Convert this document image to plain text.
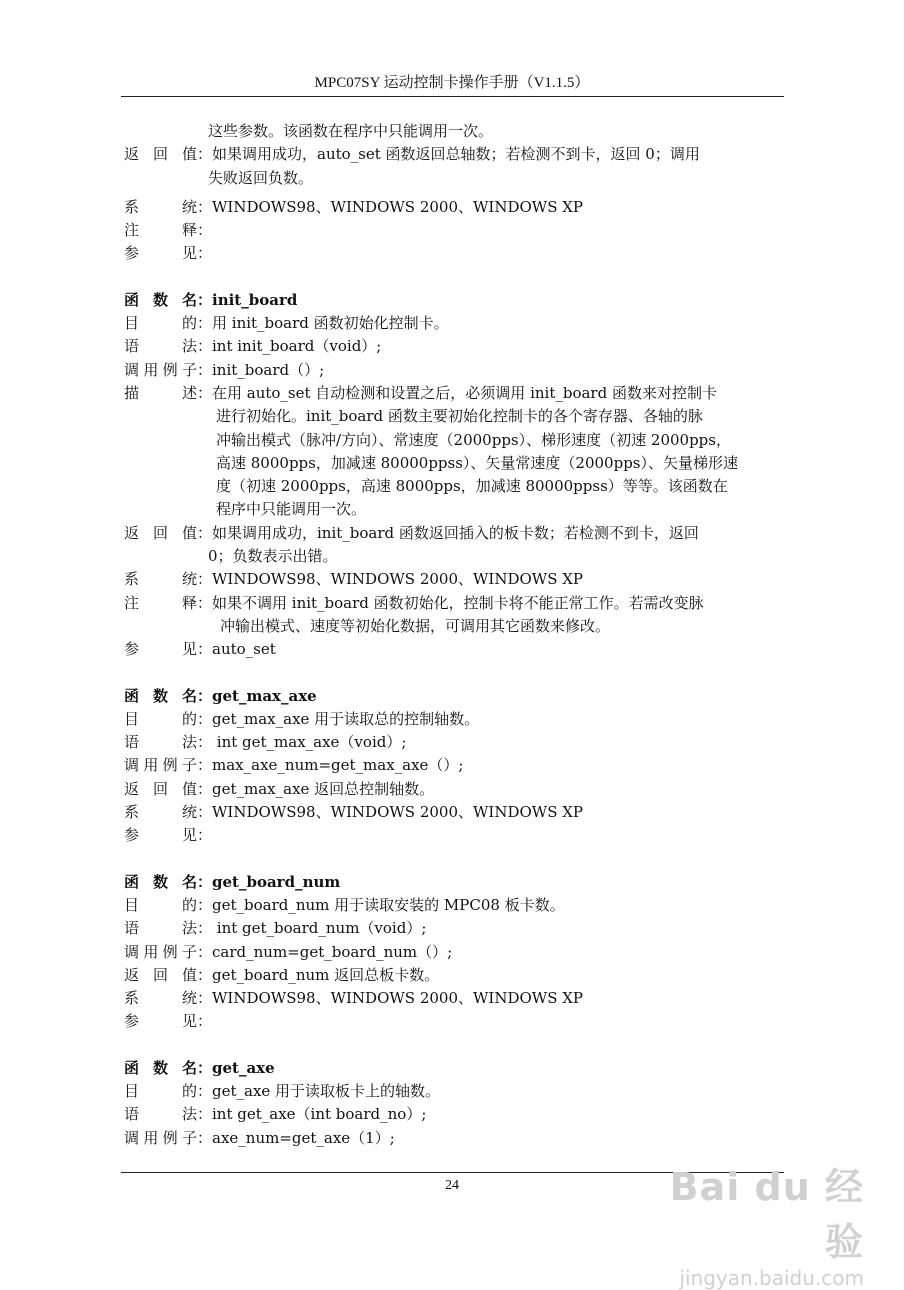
MPC07SY 运动控制卡操作手册（V1.1.5）
这些参数。该函数在程序中只能调用一次。
返 回 值： 如果调用成功，auto_set 函数返回总轴数；若检测不到卡，返回 0；调用
失败返回负数。
系	统： WINDOWS98、WINDOWS 2000、WINDOWS XP
注	释：
参	见：
函 数 名： init_board
目	的： 用 init_board 函数初始化控制卡。
语	法： int init_board（void）;
调 用 例 子： init_board（）;
描	述： 在用 auto_set 自动检测和设置之后，必须调用 init_board 函数来对控制卡
进行初始化。init_board 函数主要初始化控制卡的各个寄存器、各轴的脉
冲输出模式（脉冲/方向）、常速度（2000pps）、梯形速度（初速 2000pps，
高速 8000pps，加减速 80000ppss）、矢量常速度（2000pps）、矢量梯形速
度（初速 2000pps，高速 8000pps，加减速 80000ppss）等等。该函数在
程序中只能调用一次。
返 回 值： 如果调用成功，init_board 函数返回插入的板卡数；若检测不到卡，返回
0；负数表示出错。
系	统： WINDOWS98、WINDOWS 2000、WINDOWS XP
注	释： 如果不调用 init_board 函数初始化，控制卡将不能正常工作。若需改变脉
冲输出模式、速度等初始化数据，可调用其它函数来修改。
参	见： auto_set
函 数 名： get_max_axe
目	的： get_max_axe 用于读取总的控制轴数。
语	法： int get_max_axe（void）;
调 用 例 子： max_axe_num=get_max_axe（）;
返 回 值： get_max_axe 返回总控制轴数。
系	统： WINDOWS98、WINDOWS 2000、WINDOWS XP
参	见：
函 数 名： get_board_num
目	的： get_board_num 用于读取安装的 MPC08 板卡数。
语	法： int get_board_num（void）;
调 用 例 子： card_num=get_board_num（）;
返 回 值： get_board_num 返回总板卡数。
系	统： WINDOWS98、WINDOWS 2000、WINDOWS XP
参	见：
函 数 名： get_axe
目	的： get_axe 用于读取板卡上的轴数。
语	法： int get_axe（int board_no）;
调 用 例 子： axe_num=get_axe（1）;
24	Bai du 经验
jingyan.baidu.com
